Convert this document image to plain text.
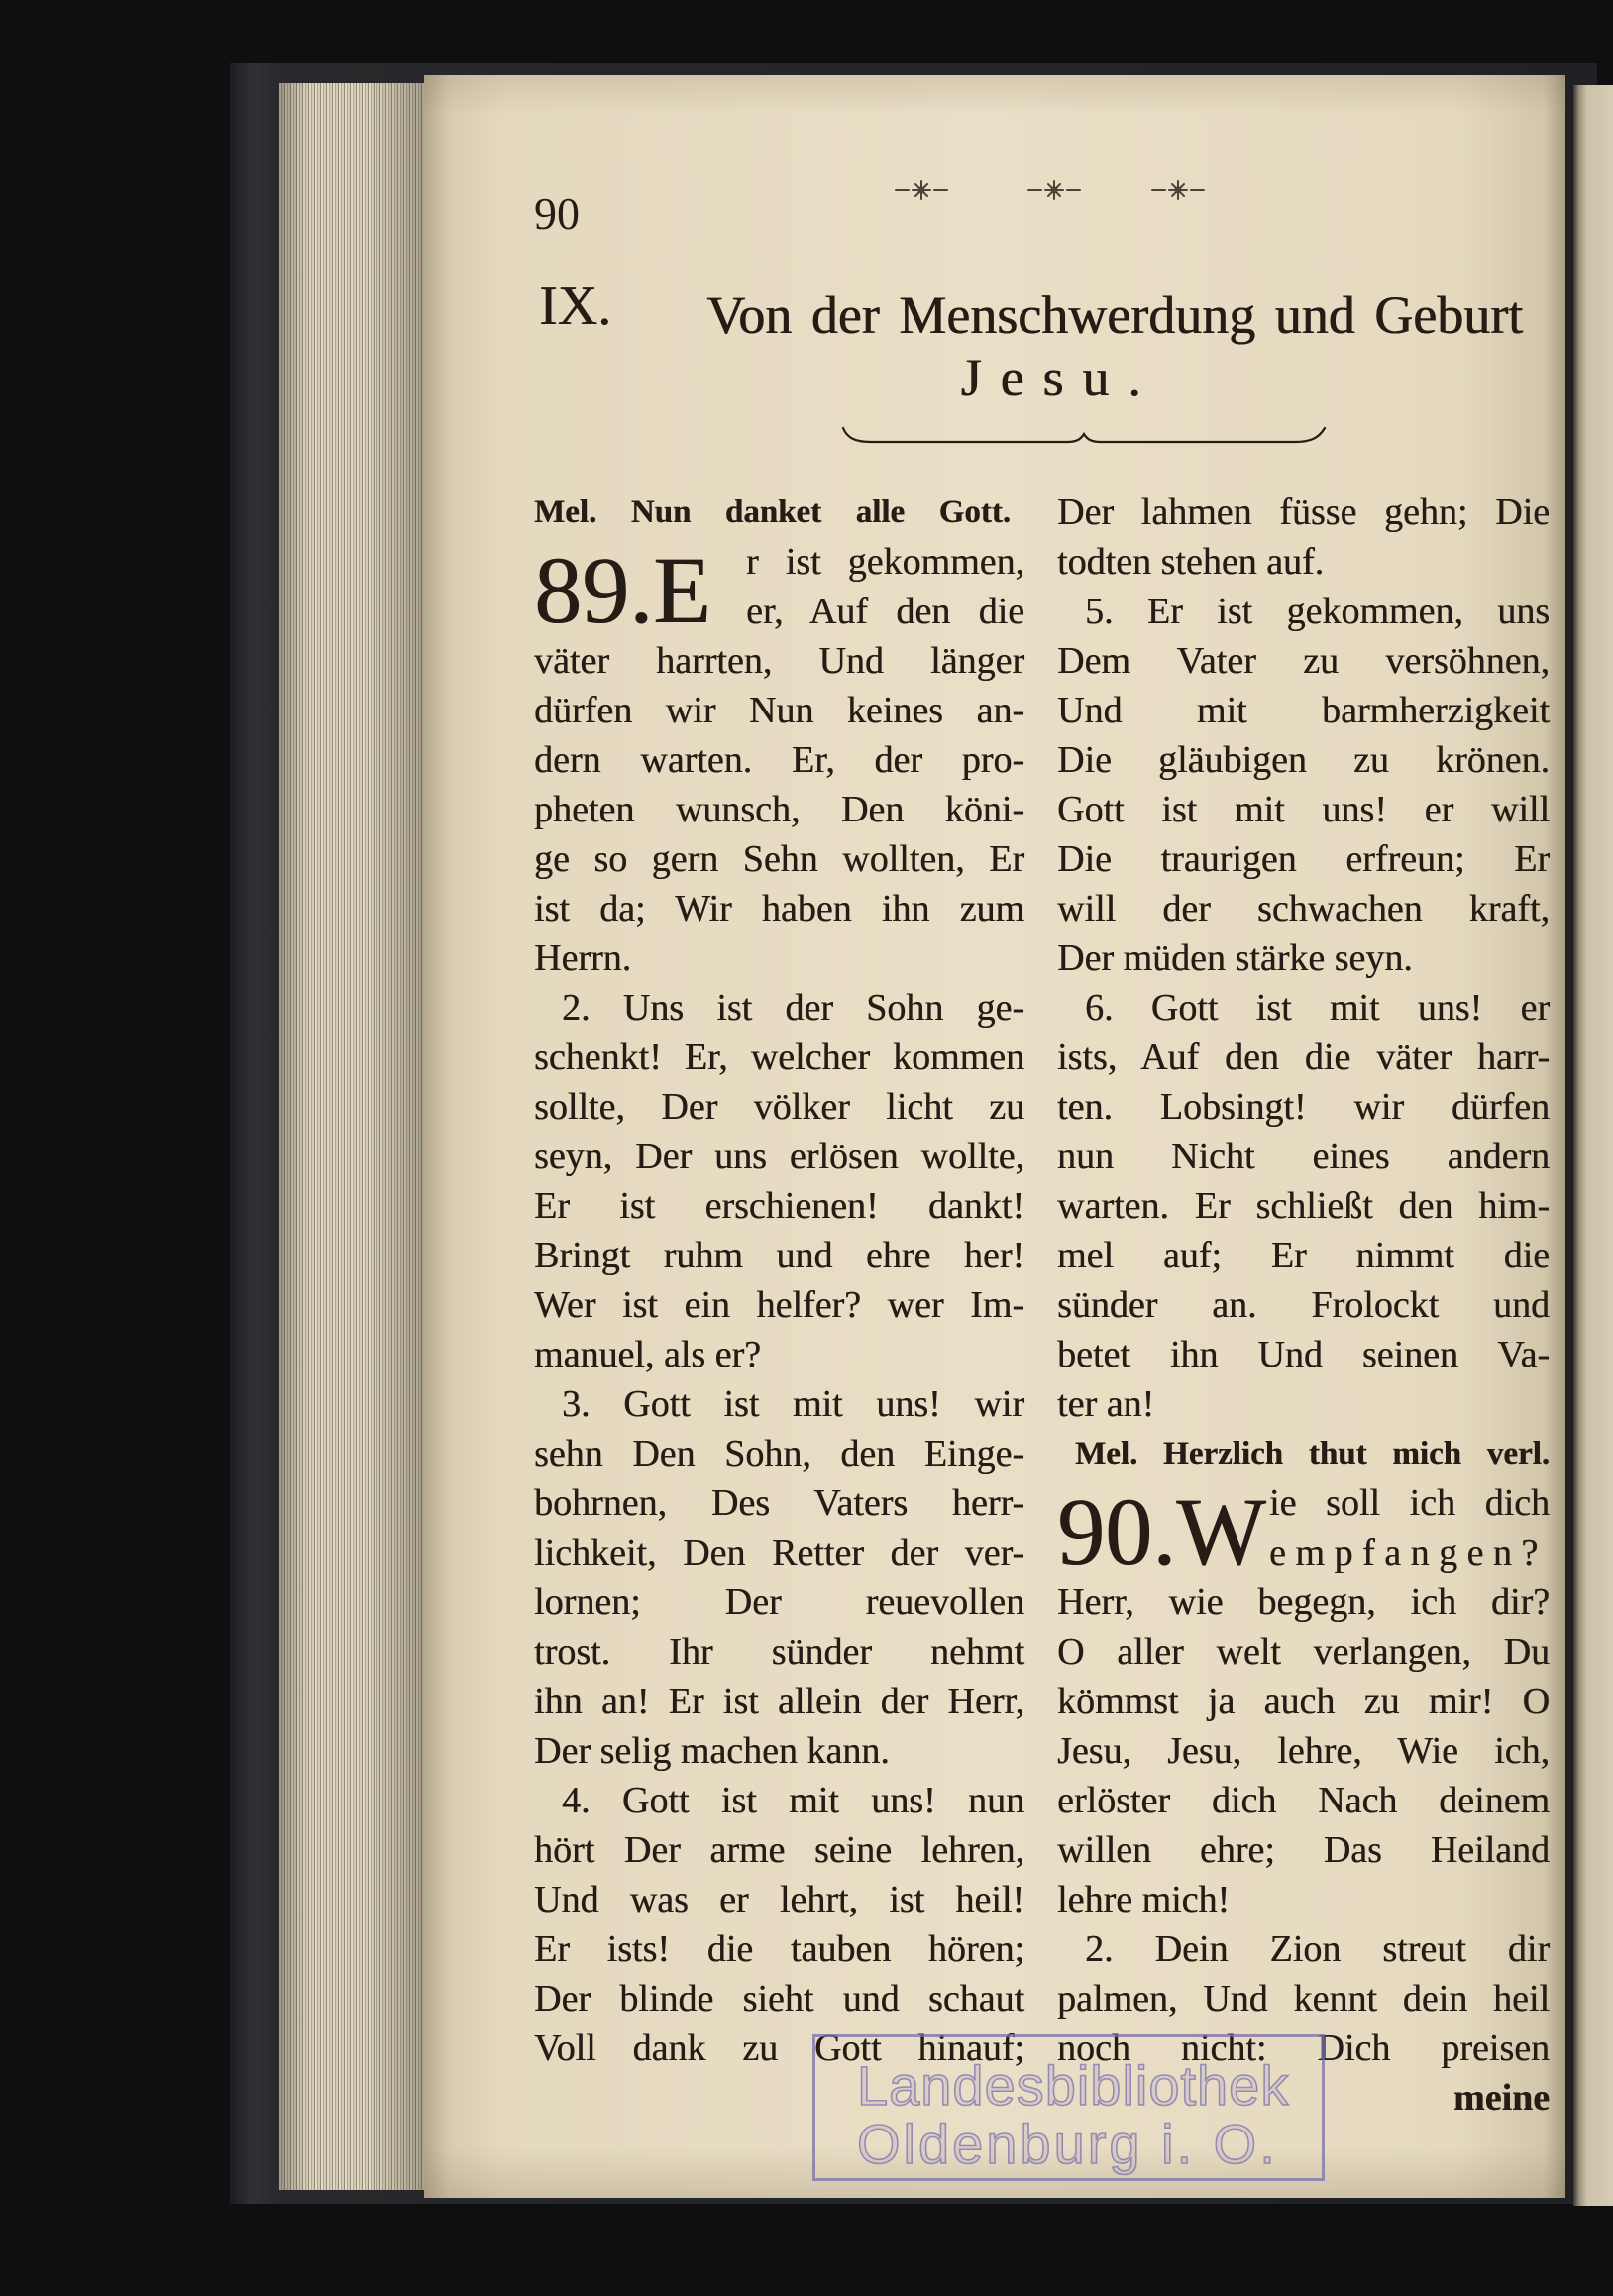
90
IX. Von der Menschwerdung und Geburt
Jesu.
Mel. Nun danket alle Gott.
89.E r ist gekommen,
er, Auf den die
väter harrten, Und länger
dürfen wir Nun keines an-
dern warten. Er, der pro-
pheten wunsch, Den köni-
ge so gern Sehn wollten, Er
ist da; Wir haben ihn zum
Herrn.
2. Uns ist der Sohn ge-
schenkt! Er, welcher kommen
sollte, Der völker licht zu
seyn, Der uns erlösen wollte,
Er ist erschienen! dankt!
Bringt ruhm und ehre her!
Wer ist ein helfer? wer Im-
manuel, als er?
3. Gott ist mit uns! wir
sehn Den Sohn, den Einge-
bohrnen, Des Vaters herr-
lichkeit, Den Retter der ver-
lornen; Der reuevollen
trost. Ihr sünder nehmt
ihn an! Er ist allein der Herr,
Der selig machen kann.
4. Gott ist mit uns! nun
hört Der arme seine lehren,
Und was er lehrt, ist heil!
Er ists! die tauben hören;
Der blinde sieht und schaut
Voll dank zu Gott hinauf;
Der lahmen füsse gehn; Die
todten stehen auf.
5. Er ist gekommen, uns
Dem Vater zu versöhnen,
Und mit barmherzigkeit
Die gläubigen zu krönen.
Gott ist mit uns! er will
Die traurigen erfreun; Er
will der schwachen kraft,
Der müden stärke seyn.
6. Gott ist mit uns! er
ists, Auf den die väter harr-
ten. Lobsingt! wir dürfen
nun Nicht eines andern
warten. Er schließt den him-
mel auf; Er nimmt die
sünder an. Frolockt und
betet ihn Und seinen Va-
ter an!
Mel. Herzlich thut mich verl.
90.W ie soll ich dich
empfangen?
Herr, wie begegn, ich dir?
O aller welt verlangen, Du
kömmst ja auch zu mir! O
Jesu, Jesu, lehre, Wie ich,
erlöster dich Nach deinem
willen ehre; Das Heiland
lehre mich!
2. Dein Zion streut dir
palmen, Und kennt dein heil
noch nicht: Dich preisen
meine
Landesbibliothek
Oldenburg i. O.
